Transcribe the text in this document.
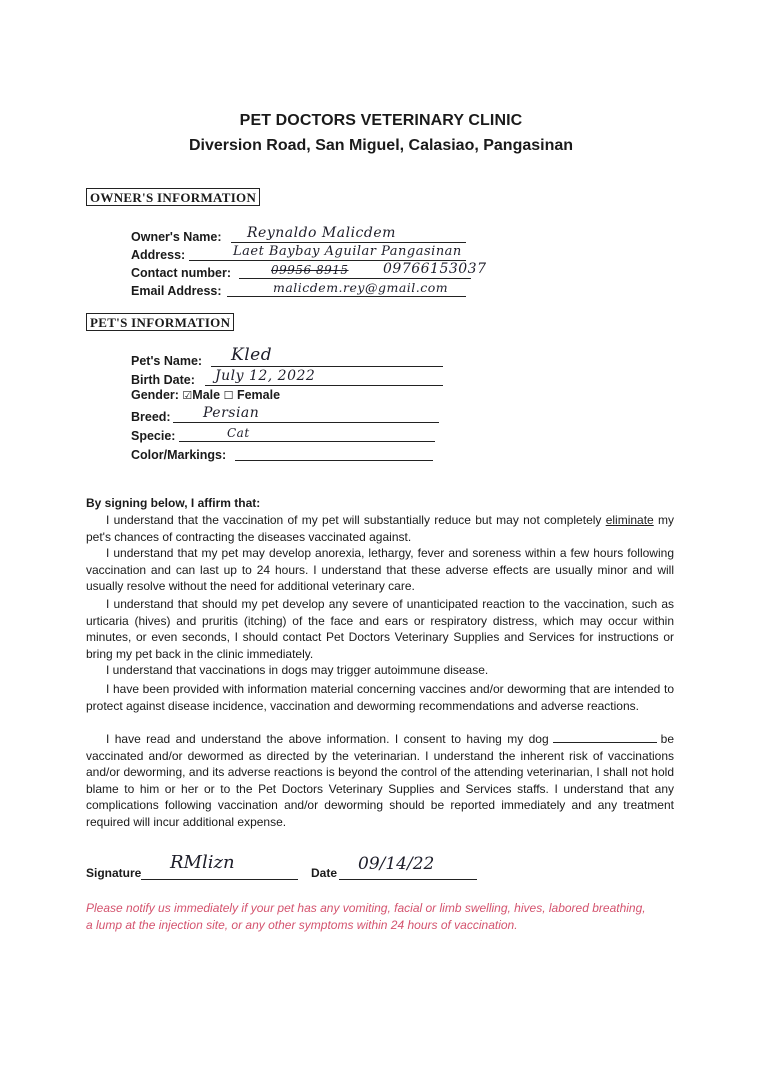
PET DOCTORS VETERINARY CLINIC
Diversion Road, San Miguel, Calasiao, Pangasinan
OWNER'S INFORMATION
Owner's Name: Reynaldo Malicdem
Address:	Laet Baybay Aguilar Pangasinan
Contact number:	09956 8915 09766153037
Email Address:	malicdem.rey@gmail.com
PET'S INFORMATION
Pet's Name: Kled
Birth Date: July 12, 2022
Gender: ☑Male ☐ Female
Breed: Persian
Specie:	Cat
Color/Markings:
By signing below, I affirm that:
I understand that the vaccination of my pet will substantially reduce but may not completely eliminate my pet's chances of contracting the diseases vaccinated against.
I understand that my pet may develop anorexia, lethargy, fever and soreness within a few hours following vaccination and can last up to 24 hours. I understand that these adverse effects are usually minor and will usually resolve without the need for additional veterinary care.
I understand that should my pet develop any severe of unanticipated reaction to the vaccination, such as urticaria (hives) and pruritis (itching) of the face and ears or respiratory distress, which may occur within minutes, or even seconds, I should contact Pet Doctors Veterinary Supplies and Services for instructions or bring my pet back in the clinic immediately.
I understand that vaccinations in dogs may trigger autoimmune disease.
I have been provided with information material concerning vaccines and/or deworming that are intended to protect against disease incidence, vaccination and deworming recommendations and adverse reactions.
I have read and understand the above information. I consent to having my dog	be vaccinated and/or dewormed as directed by the veterinarian. I understand the inherent risk of vaccinations and/or deworming, and its adverse reactions is beyond the control of the attending veterinarian, I shall not hold blame to him or her or to the Pet Doctors Veterinary Supplies and Services staffs. I understand that any complications following vaccination and/or deworming should be reported immediately and any treatment required will incur additional expense.
Signature RMlizn	Date 09/14/22
Please notify us immediately if your pet has any vomiting, facial or limb swelling, hives, labored breathing, a lump at the injection site, or any other symptoms within 24 hours of vaccination.
